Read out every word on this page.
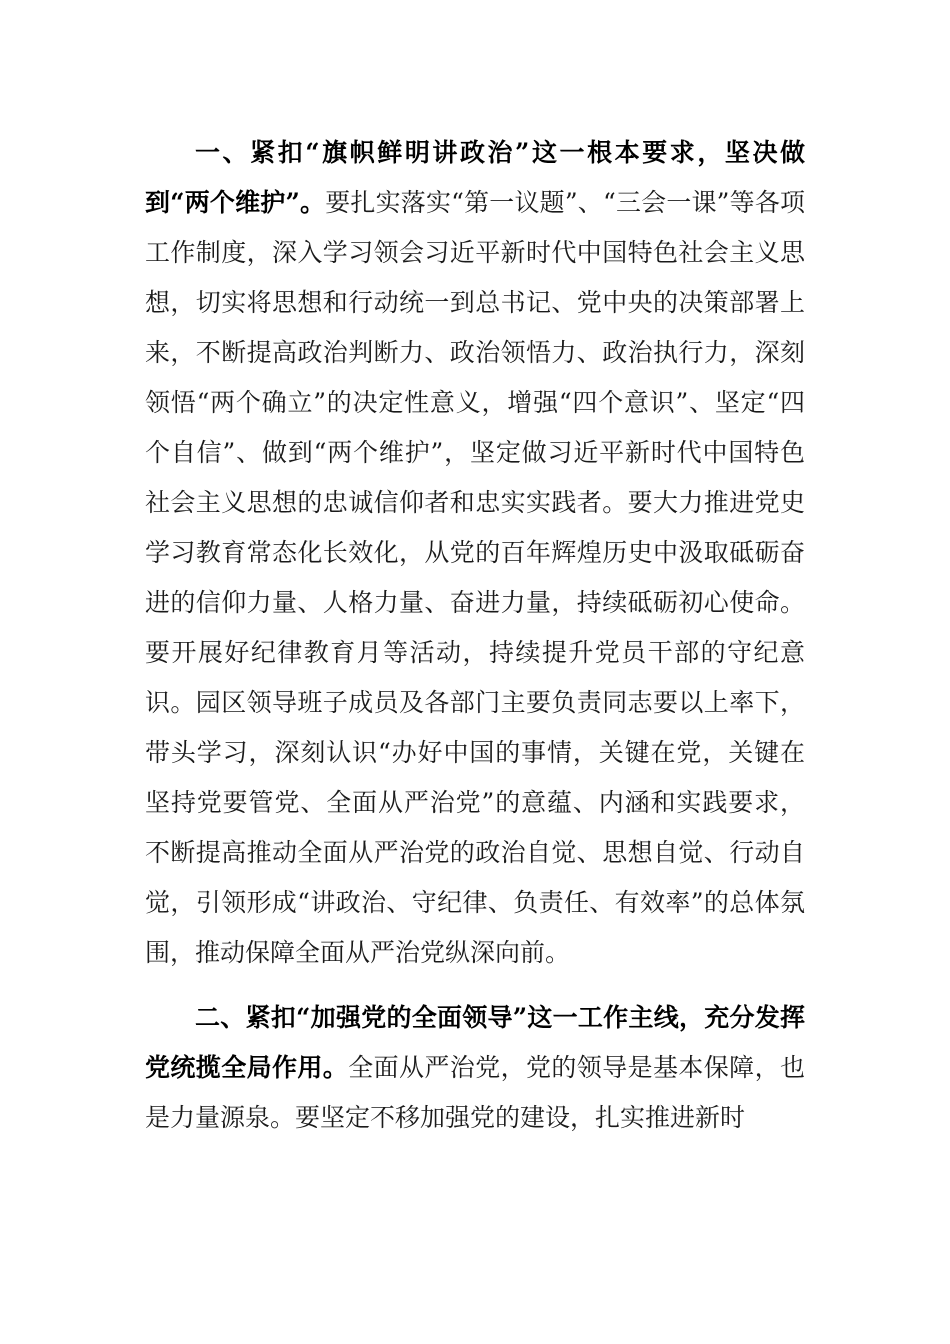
一、紧扣“旗帜鲜明讲政治”这一根本要求，坚决做到“两个维护”。要扎实落实“第一议题”、“三会一课”等各项工作制度，深入学习领会习近平新时代中国特色社会主义思想，切实将思想和行动统一到总书记、党中央的决策部署上来，不断提高政治判断力、政治领悟力、政治执行力，深刻领悟“两个确立”的决定性意义，增强“四个意识”、坚定“四个自信”、做到“两个维护”，坚定做习近平新时代中国特色社会主义思想的忠诚信仰者和忠实实践者。要大力推进党史学习教育常态化长效化，从党的百年辉煌历史中汲取砥砺奋进的信仰力量、人格力量、奋进力量，持续砥砺初心使命。要开展好纪律教育月等活动，持续提升党员干部的守纪意识。园区领导班子成员及各部门主要负责同志要以上率下，带头学习，深刻认识“办好中国的事情，关键在党，关键在坚持党要管党、全面从严治党”的意蕴、内涵和实践要求，不断提高推动全面从严治党的政治自觉、思想自觉、行动自觉，引领形成“讲政治、守纪律、负责任、有效率”的总体氛围，推动保障全面从严治党纵深向前。

二、紧扣“加强党的全面领导”这一工作主线，充分发挥党统揽全局作用。全面从严治党，党的领导是基本保障，也是力量源泉。要坚定不移加强党的建设，扎实推进新时
